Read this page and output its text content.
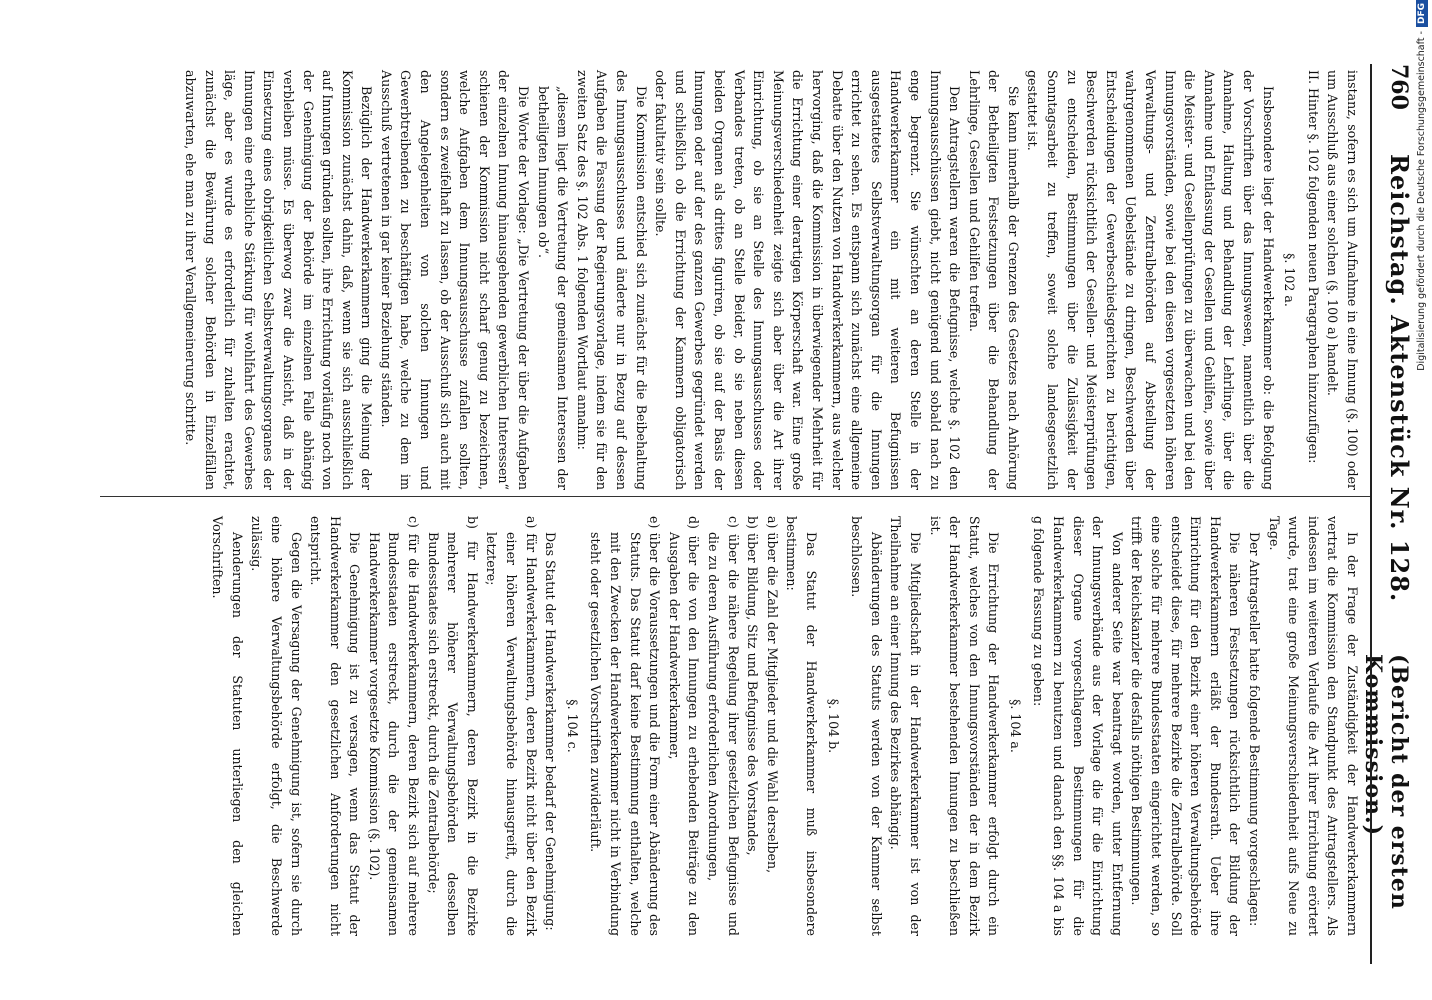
760
Reichstag. Aktenstück Nr. 128.
(Bericht der ersten Kommission.)

instanz, sofern es sich um Aufnahme in eine Innung (§. 100) oder um Ausschluß aus einer solchen (§. 100 a) handelt.

II. Hinter §. 102 folgenden neuen Paragraphen hinzuzufügen:

§. 102 a.

Insbesondere liegt der Handwerkerkammer ob: die Befolgung der Vorschriften über das Innungswesen, namentlich über die Annahme, Haltung und Behandlung der Lehrlinge, über die Annahme und Entlassung der Gesellen und Gehilfen, sowie über die Meister- und Gesellenprüfungen zu überwachen und bei den Innungsvorständen, sowie bei den diesen vorgesetzten höheren Verwaltungs- und Zentralbehörden auf Abstellung der wahrgenommenen Uebelstände zu dringen, Beschwerden über Entscheidungen der Gewerbeschiedsgerichten zu berichtigen, Beschwerden rücksichtlich der Gesellen- und Meisterprüfungen zu entscheiden, Bestimmungen über die Zulässigkeit der Sonntagsarbeit zu treffen, soweit solche landesgesetzlich gestattet ist.

Sie kann innerhalb der Grenzen des Gesetzes nach Anhörung der Betheiligten Festsetzungen über die Behandlung der Lehrlinge, Gesellen und Gehilfen treffen.

Den Antragstellern waren die Befugnisse, welche §. 102 den Innungsausschüssen giebt, nicht genügend und sobald nach zu enge begrenzt. Sie wünschten an deren Stelle in der Handwerkerkammer ein mit weiteren Befugnissen ausgestattetes Selbstverwaltungsorgan für die Innungen errichtet zu sehen. Es entspann sich zunächst eine allgemeine Debatte über den Nutzen von Handwerkerkammern, aus welcher hervorging, daß die Kommission in überwiegender Mehrheit für die Errichtung einer derartigen Körperschaft war. Eine große Meinungsverschiedenheit zeigte sich aber über die Art ihrer Einrichtung, ob sie an Stelle des Innungsausschusses oder Verbandes treten, ob an Stelle Beider, ob sie neben diesen beiden Organen als drittes figuriren, ob sie auf der Basis der Innungen oder auf der des ganzen Gewerbes gegründet werden und schließlich ob die Errichtung der Kammern obligatorisch oder fakultativ sein sollte.

Die Kommission entschied sich zunächst für die Beibehaltung des Innungsausschusses und änderte nur in Bezug auf dessen Aufgaben die Fassung der Regierungsvorlage, indem sie für den zweiten Satz des §. 102 Abs. 1 folgenden Wortlaut annahm:

„diesem liegt die Vertretung der gemeinsamen Interessen der betheiligten Innungen ob“.

Die Worte der Vorlage: „Die Vertretung der über die Aufgaben der einzelnen Innung hinausgehenden gewerblichen Interessen“ schienen der Kommission nicht scharf genug zu bezeichnen, welche Aufgaben dem Innungsausschusse zufallen sollten, sondern es zweifelhaft zu lassen, ob der Ausschuß sich auch mit den Angelegenheiten von solchen Innungen und Gewerbtreibenden zu beschäftigen habe, welche zu dem im Ausschuß vertretenen in gar keiner Beziehung ständen.

Bezüglich der Handwerkerkammern ging die Meinung der Kommission zunächst dahin, daß, wenn sie sich ausschließlich auf Innungen gründen sollten, ihre Errichtung vorläufig noch von der Genehmigung der Behörde im einzelnen Falle abhängig verbleiben müsse. Es überwog zwar die Ansicht, daß in der Einsetzung eines obrigkeitlichen Selbstverwaltungsorganes der Innungen eine erhebliche Stärkung für wohlfahrt des Gewerbes läge, aber es wurde es erforderlich für zuhalten erachtet, zunächst die Bewährung solcher Behörden in Einzelfällen abzuwarten, ehe man zu ihrer Verallgemeinerung schritte.

In der Frage der Zuständigkeit der Handwerkerkammern vertrat die Kommission den Standpunkt des Antragstellers. Als indessen im weiteren Verlaufe die Art ihrer Errichtung erörtert wurde, trat eine große Meinungsverschiedenheit aufs Neue zu Tage.

Der Antragsteller hatte folgende Bestimmung vorgeschlagen:

Die näheren Festsetzungen rücksichtlich der Bildung der Handwerkerkammern erläßt der Bundesrath. Ueber ihre Einrichtung für den Bezirk einer höheren Verwaltungsbehörde entscheidet diese, für mehrere Bezirke die Zentralbehörde. Soll eine solche für mehrere Bundesstaaten eingerichtet werden, so trifft der Reichskanzler die desfalls nöthigen Bestimmungen.

Von anderer Seite war beantragt worden, unter Entfernung der Innungsverbände aus der Vorlage die für die Einrichtung dieser Organe vorgeschlagenen Bestimmungen für die Handwerkerkammern zu benutzen und danach den §§. 104 a bis g folgende Fassung zu geben:

§. 104 a.

Die Errichtung der Handwerkerkammer erfolgt durch ein Statut, welches von den Innungsvorständen der in dem Bezirk der Handwerkerkammer bestehenden Innungen zu beschließen ist.

Die Mitgliedschaft in der Handwerkerkammer ist von der Theilnahme an einer Innung des Bezirkes abhängig.

Abänderungen des Statuts werden von der Kammer selbst beschlossen.

§. 104 b.

Das Statut der Handwerkerkammer muß insbesondere bestimmen:

a) über die Zahl der Mitglieder und die Wahl derselben,

b) über Bildung, Sitz und Befugnisse des Vorstandes,

c) über die nähere Regelung ihrer gesetzlichen Befugnisse und die zu deren Ausführung erforderlichen Anordnungen,

d) über die von den Innungen zu erhebenden Beiträge zu den Ausgaben der Handwerkerkammer,

e) über die Voraussetzungen und die Form einer Abänderung des Statuts. Das Statut darf keine Bestimmung enthalten, welche mit den Zwecken der Handwerkerkammer nicht in Verbindung steht oder gesetzlichen Vorschriften zuwiderläuft.

§. 104 c.

Das Statut der Handwerkerkammer bedarf der Genehmigung:

a) für Handwerkerkammern, deren Bezirk nicht über den Bezirk einer höheren Verwaltungsbehörde hinausgreift, durch die letztere;

b) für Handwerkerkammern, deren Bezirk in die Bezirke mehrerer höherer Verwaltungsbehörden desselben Bundesstaates sich erstreckt, durch die Zentralbehörde;

c) für die Handwerkerkammern, deren Bezirk sich auf mehrere Bundesstaaten erstreckt, durch die der gemeinsamen Handwerkerkammer vorgesetzte Kommission (§. 102).

Die Genehmigung ist zu versagen, wenn das Statut der Handwerkerkammer den gesetzlichen Anforderungen nicht entspricht.

Gegen die Versagung der Genehmigung ist, sofern sie durch eine höhere Verwaltungsbehörde erfolgt, die Beschwerde zulässig.

Aenderungen der Statuten unterliegen den gleichen Vorschriften.

Digitalisierung gefördert durch die Deutsche Forschungsgemeinschaft -DFG
